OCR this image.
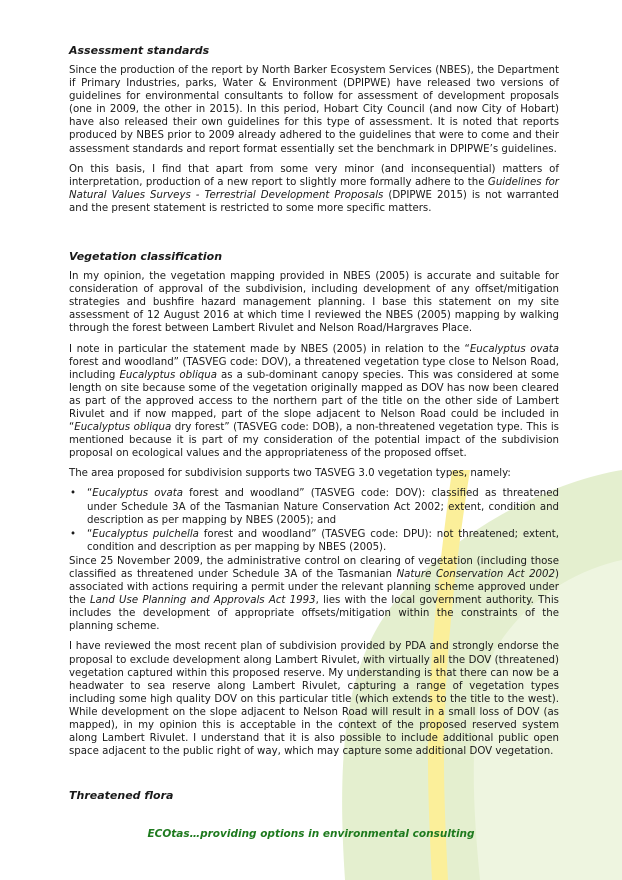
Assessment standards

Since the production of the report by North Barker Ecosystem Services (NBES), the Department if Primary Industries, parks, Water & Environment (DPIPWE) have released two versions of guidelines for environmental consultants to follow for assessment of development proposals (one in 2009, the other in 2015). In this period, Hobart City Council (and now City of Hobart) have also released their own guidelines for this type of assessment. It is noted that reports produced by NBES prior to 2009 already adhered to the guidelines that were to come and their assessment standards and report format essentially set the benchmark in DPIPWE’s guidelines.

On this basis, I find that apart from some very minor (and inconsequential) matters of interpretation, production of a new report to slightly more formally adhere to the Guidelines for Natural Values Surveys - Terrestrial Development Proposals (DPIPWE 2015) is not warranted and the present statement is restricted to some more specific matters.

Vegetation classification

In my opinion, the vegetation mapping provided in NBES (2005) is accurate and suitable for consideration of approval of the subdivision, including development of any offset/mitigation strategies and bushfire hazard management planning. I base this statement on my site assessment of 12 August 2016 at which time I reviewed the NBES (2005) mapping by walking through the forest between Lambert Rivulet and Nelson Road/Hargraves Place.

I note in particular the statement made by NBES (2005) in relation to the “Eucalyptus ovata forest and woodland” (TASVEG code: DOV), a threatened vegetation type close to Nelson Road, including Eucalyptus obliqua as a sub-dominant canopy species. This was considered at some length on site because some of the vegetation originally mapped as DOV has now been cleared as part of the approved access to the northern part of the title on the other side of Lambert Rivulet and if now mapped, part of the slope adjacent to Nelson Road could be included in “Eucalyptus obliqua dry forest” (TASVEG code: DOB), a non-threatened vegetation type. This is mentioned because it is part of my consideration of the potential impact of the subdivision proposal on ecological values and the appropriateness of the proposed offset.

The area proposed for subdivision supports two TASVEG 3.0 vegetation types, namely:

• “Eucalyptus ovata forest and woodland” (TASVEG code: DOV): classified as threatened under Schedule 3A of the Tasmanian Nature Conservation Act 2002; extent, condition and description as per mapping by NBES (2005); and
• “Eucalyptus pulchella forest and woodland” (TASVEG code: DPU): not threatened; extent, condition and description as per mapping by NBES (2005).

Since 25 November 2009, the administrative control on clearing of vegetation (including those classified as threatened under Schedule 3A of the Tasmanian Nature Conservation Act 2002) associated with actions requiring a permit under the relevant planning scheme approved under the Land Use Planning and Approvals Act 1993, lies with the local government authority. This includes the development of appropriate offsets/mitigation within the constraints of the planning scheme.

I have reviewed the most recent plan of subdivision provided by PDA and strongly endorse the proposal to exclude development along Lambert Rivulet, with virtually all the DOV (threatened) vegetation captured within this proposed reserve. My understanding is that there can now be a headwater to sea reserve along Lambert Rivulet, capturing a range of vegetation types including some high quality DOV on this particular title (which extends to the title to the west). While development on the slope adjacent to Nelson Road will result in a small loss of DOV (as mapped), in my opinion this is acceptable in the context of the proposed reserved system along Lambert Rivulet. I understand that it is also possible to include additional public open space adjacent to the public right of way, which may capture some additional DOV vegetation.

Threatened flora
ECOtas…providing options in environmental consulting
